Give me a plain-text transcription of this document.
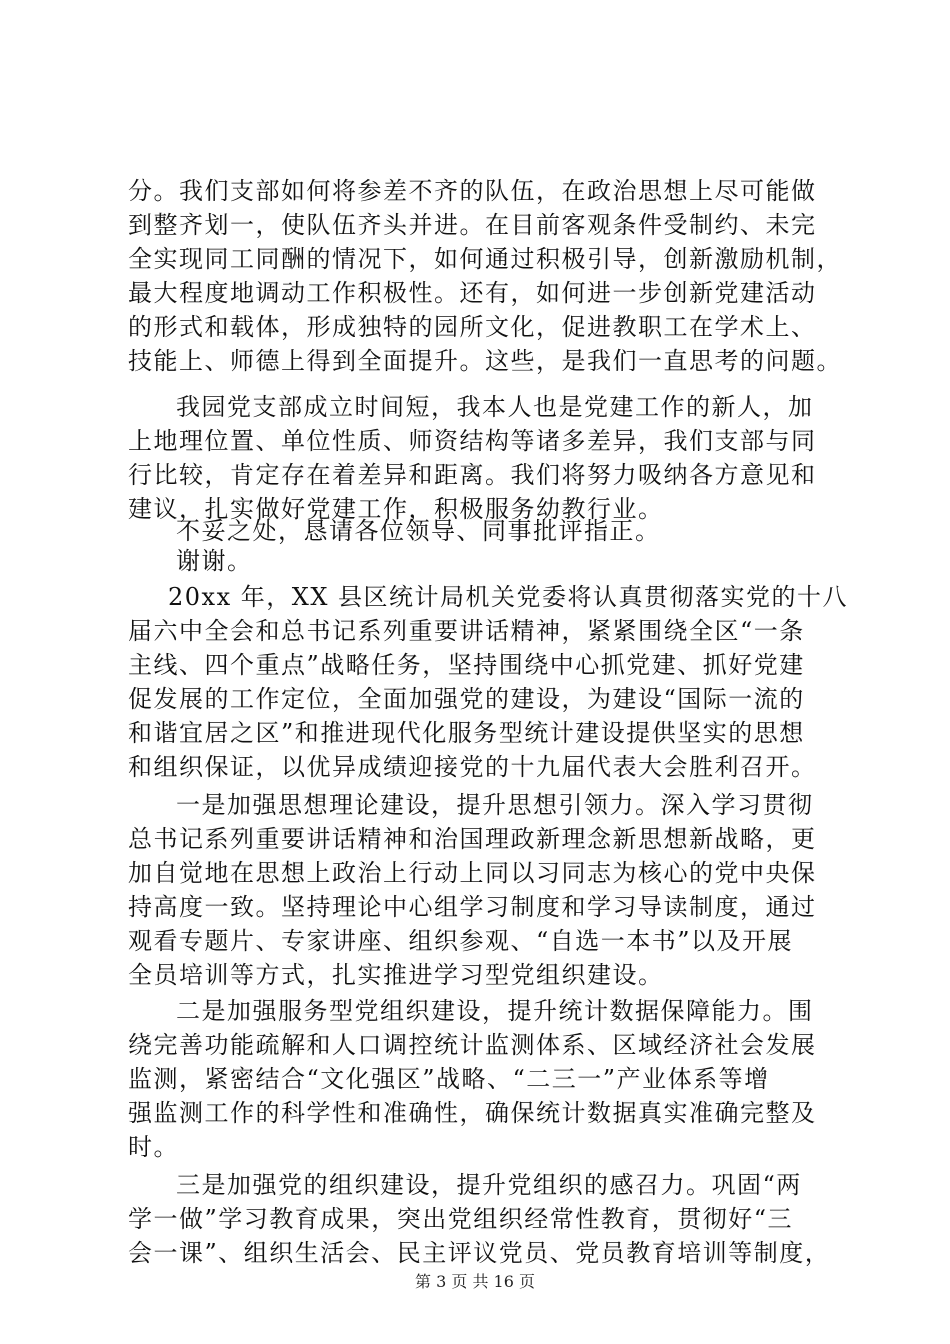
分。我们支部如何将参差不齐的队伍，在政治思想上尽可能做
到整齐划一，使队伍齐头并进。在目前客观条件受制约、未完
全实现同工同酬的情况下，如何通过积极引导，创新激励机制，
最大程度地调动工作积极性。还有，如何进一步创新党建活动
的形式和载体，形成独特的园所文化，促进教职工在学术上、
技能上、师德上得到全面提升。这些，是我们一直思考的问题。
我园党支部成立时间短，我本人也是党建工作的新人，加
上地理位置、单位性质、师资结构等诸多差异，我们支部与同
行比较，肯定存在着差异和距离。我们将努力吸纳各方意见和
建议，扎实做好党建工作，积极服务幼教行业。
不妥之处，恳请各位领导、同事批评指正。
谢谢。
20xx 年，XX 县区统计局机关党委将认真贯彻落实党的十八
届六中全会和总书记系列重要讲话精神，紧紧围绕全区“一条
主线、四个重点”战略任务，坚持围绕中心抓党建、抓好党建
促发展的工作定位，全面加强党的建设，为建设“国际一流的
和谐宜居之区”和推进现代化服务型统计建设提供坚实的思想
和组织保证，以优异成绩迎接党的十九届代表大会胜利召开。
一是加强思想理论建设，提升思想引领力。深入学习贯彻
总书记系列重要讲话精神和治国理政新理念新思想新战略，更
加自觉地在思想上政治上行动上同以习同志为核心的党中央保
持高度一致。坚持理论中心组学习制度和学习导读制度，通过
观看专题片、专家讲座、组织参观、“自选一本书”以及开展
全员培训等方式，扎实推进学习型党组织建设。
二是加强服务型党组织建设，提升统计数据保障能力。围
绕完善功能疏解和人口调控统计监测体系、区域经济社会发展
监测，紧密结合“文化强区”战略、“二三一”产业体系等增
强监测工作的科学性和准确性，确保统计数据真实准确完整及
时。
三是加强党的组织建设，提升党组织的感召力。巩固“两
学一做”学习教育成果，突出党组织经常性教育，贯彻好“三
会一课”、组织生活会、民主评议党员、党员教育培训等制度，
第 3 页 共 16 页
